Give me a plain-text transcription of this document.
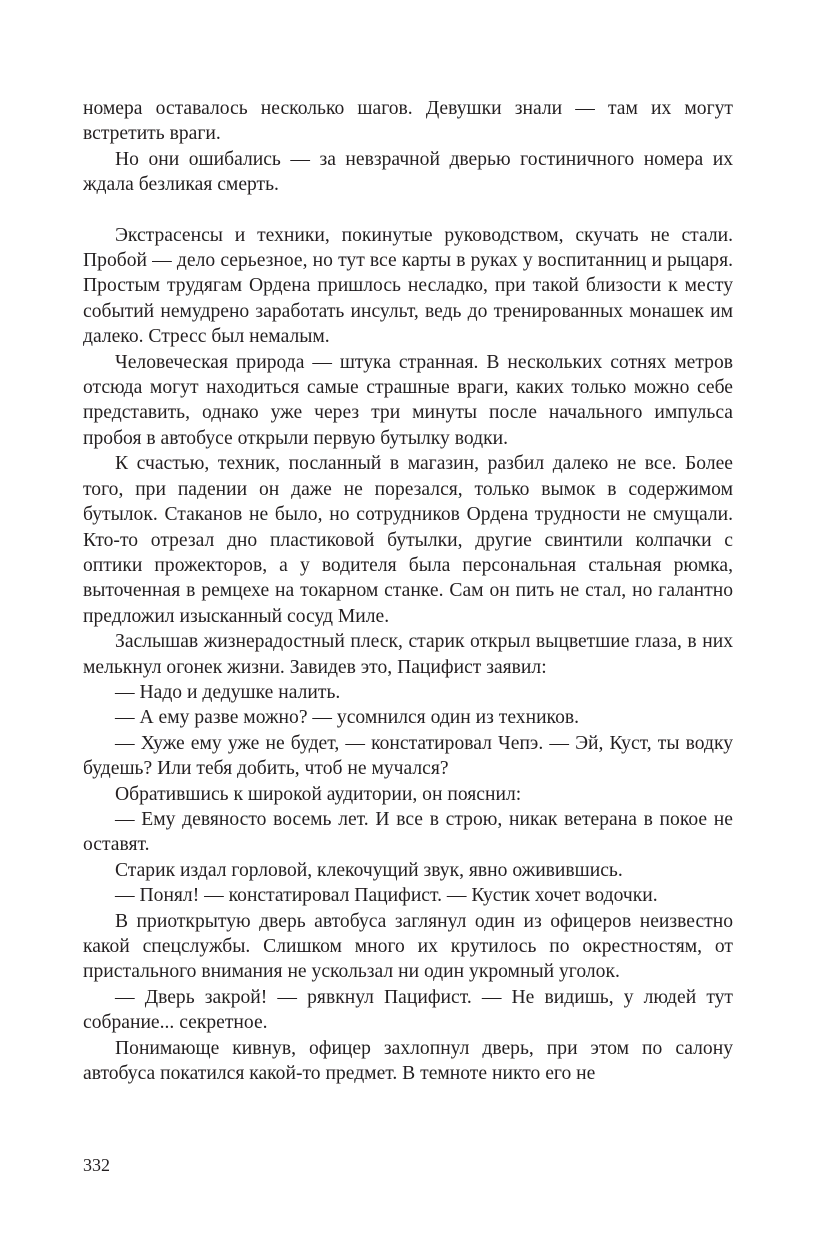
номера оставалось несколько шагов. Девушки знали — там их могут встретить враги.

Но они ошибались — за невзрачной дверью гостиничного номера их ждала безликая смерть.

Экстрасенсы и техники, покинутые руководством, скучать не стали. Пробой — дело серьезное, но тут все карты в руках у воспитанниц и рыцаря. Простым трудягам Ордена пришлось несладко, при такой близости к месту событий немудрено заработать инсульт, ведь до тренированных монашек им далеко. Стресс был немалым.

Человеческая природа — штука странная. В нескольких сотнях метров отсюда могут находиться самые страшные враги, каких только можно себе представить, однако уже через три минуты после начального импульса пробоя в автобусе открыли первую бутылку водки.

К счастью, техник, посланный в магазин, разбил далеко не все. Более того, при падении он даже не порезался, только вымок в содержимом бутылок. Стаканов не было, но сотрудников Ордена трудности не смущали. Кто-то отрезал дно пластиковой бутылки, другие свинтили колпачки с оптики прожекторов, а у водителя была персональная стальная рюмка, выточенная в ремцехе на токарном станке. Сам он пить не стал, но галантно предложил изысканный сосуд Миле.

Заслышав жизнерадостный плеск, старик открыл выцветшие глаза, в них мелькнул огонек жизни. Завидев это, Пацифист заявил:

— Надо и дедушке налить.

— А ему разве можно? — усомнился один из техников.

— Хуже ему уже не будет, — констатировал Чепэ. — Эй, Куст, ты водку будешь? Или тебя добить, чтоб не мучался?

Обратившись к широкой аудитории, он пояснил:

— Ему девяносто восемь лет. И все в строю, никак ветерана в покое не оставят.

Старик издал горловой, клекочущий звук, явно оживившись.

— Понял! — констатировал Пацифист. — Кустик хочет водочки.

В приоткрытую дверь автобуса заглянул один из офицеров неизвестно какой спецслужбы. Слишком много их крутилось по окрестностям, от пристального внимания не ускользал ни один укромный уголок.

— Дверь закрой! — рявкнул Пацифист. — Не видишь, у людей тут собрание... секретное.

Понимающе кивнув, офицер захлопнул дверь, при этом по салону автобуса покатился какой-то предмет. В темноте никто его не

332
